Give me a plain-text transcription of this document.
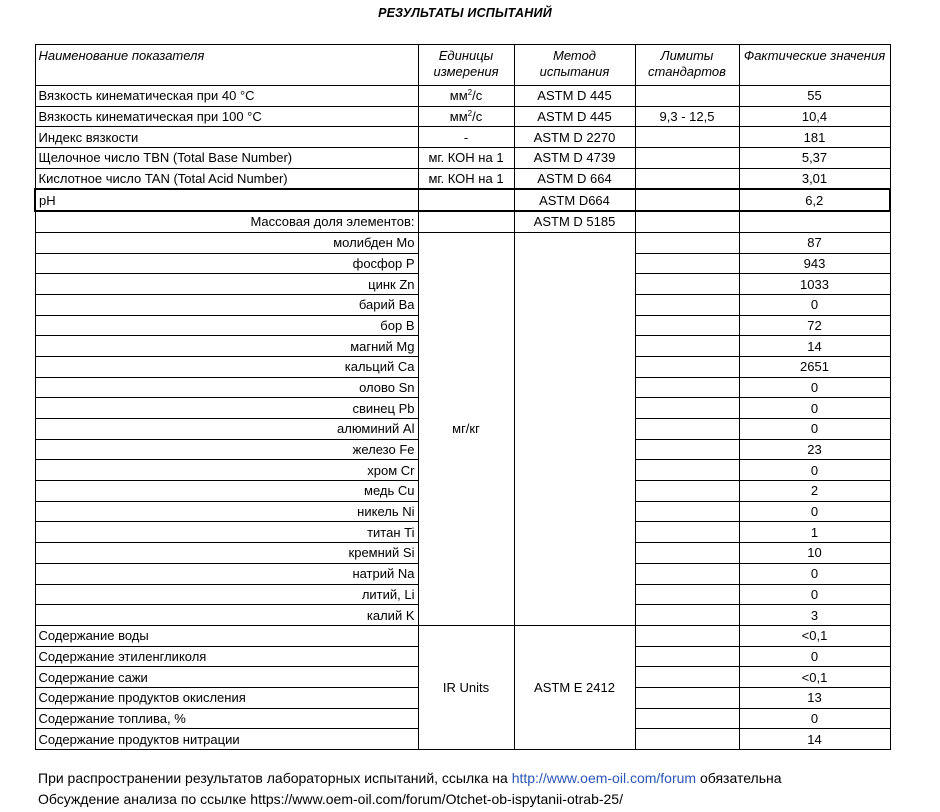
РЕЗУЛЬТАТЫ ИСПЫТАНИЙ
Наименование показателя	Единицы измерения	Метод испытания	Лимиты стандартов	Фактические значения
Вязкость кинематическая при 40 °C	$мм^2/с$	ASTM D 445		55
Вязкость кинематическая при 100 °C	$мм^2/с$	ASTM D 445	9,3 - 12,5	10,4
Индекс вязкости	-	ASTM D 2270		181
Щелочное число TBN (Total Base Number)	мг. КОН на 1	ASTM D 4739		5,37
Кислотное число TAN (Total Acid Number)	мг. КОН на 1	ASTM D 664		3,01
pH		ASTM D664		6,2
Массовая доля элементов:		ASTM D 5185		
молибден Mo	мг/кг			87
фосфор P				943
цинк Zn				1033
барий Ba				0
бор B				72
магний Mg				14
кальций Ca				2651
олово Sn				0
свинец Pb				0
алюминий Al				0
железо Fe				23
хром Cr				0
медь Cu				2
никель Ni				0
титан Ti				1
кремний Si				10
натрий Na				0
литий, Li				0
калий K				3
Содержание воды	IR Units	ASTM E 2412		<0,1
Содержание этиленгликоля				0
Содержание сажи				<0,1
Содержание продуктов окисления				13
Содержание топлива, %				0
Содержание продуктов нитрации				14
При распространении результатов лабораторных испытаний, ссылка на http://www.oem-oil.com/forum обязательна
Обсуждение анализа по ссылке https://www.oem-oil.com/forum/Otchet-ob-ispytanii-otrab-25/
